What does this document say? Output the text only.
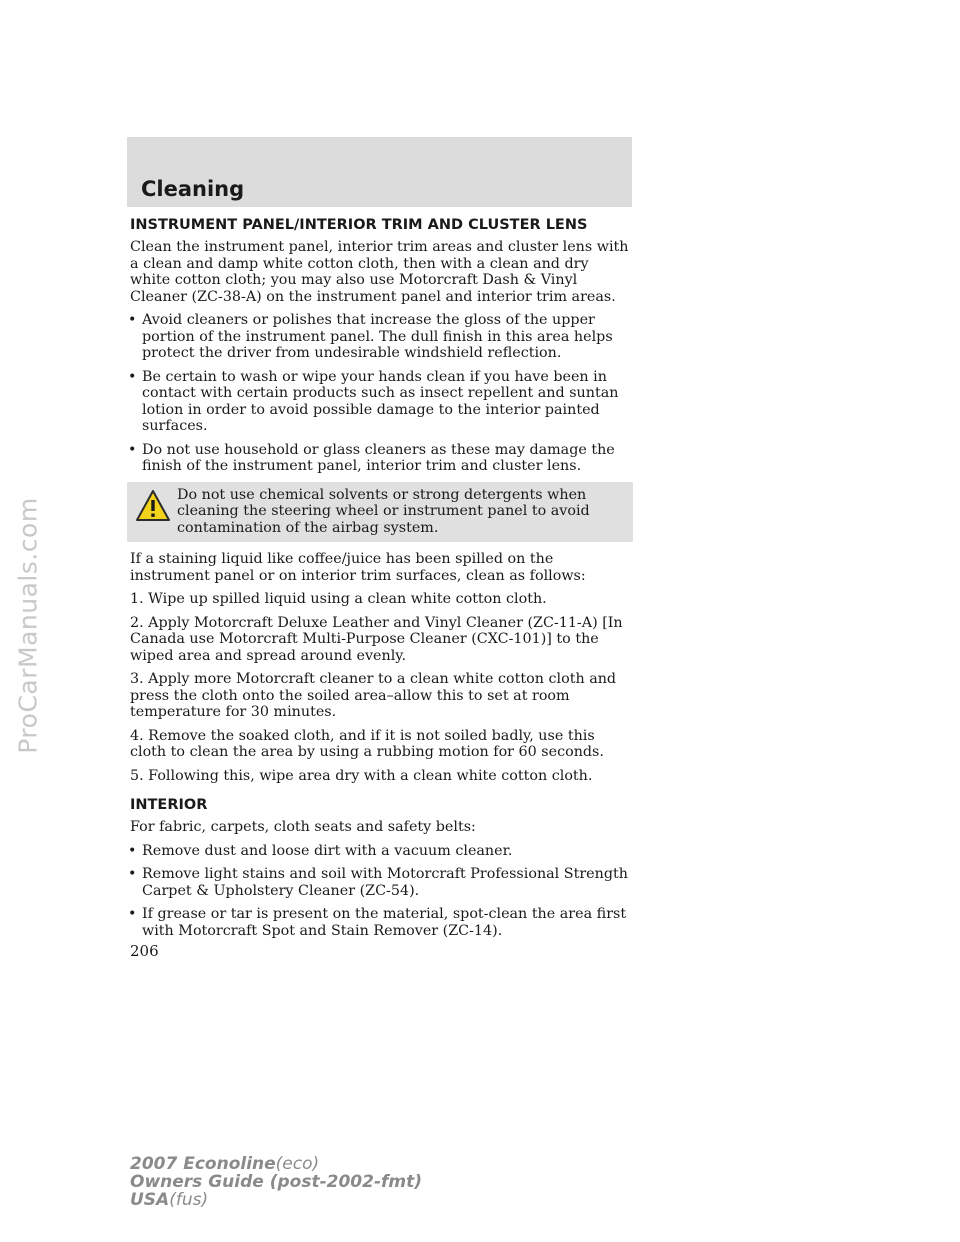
ProCarManuals.com
Cleaning
INSTRUMENT PANEL/INTERIOR TRIM AND CLUSTER LENS

Clean the instrument panel, interior trim areas and cluster lens with a clean and damp white cotton cloth, then with a clean and dry white cotton cloth; you may also use Motorcraft Dash & Vinyl Cleaner (ZC-38-A) on the instrument panel and interior trim areas.

• Avoid cleaners or polishes that increase the gloss of the upper portion of the instrument panel. The dull finish in this area helps protect the driver from undesirable windshield reflection.
• Be certain to wash or wipe your hands clean if you have been in contact with certain products such as insect repellent and suntan lotion in order to avoid possible damage to the interior painted surfaces.
• Do not use household or glass cleaners as these may damage the finish of the instrument panel, interior trim and cluster lens.
Do not use chemical solvents or strong detergents when cleaning the steering wheel or instrument panel to avoid contamination of the airbag system.

If a staining liquid like coffee/juice has been spilled on the instrument panel or on interior trim surfaces, clean as follows:

1. Wipe up spilled liquid using a clean white cotton cloth.

2. Apply Motorcraft Deluxe Leather and Vinyl Cleaner (ZC-11-A) [In Canada use Motorcraft Multi-Purpose Cleaner (CXC-101)] to the wiped area and spread around evenly.

3. Apply more Motorcraft cleaner to a clean white cotton cloth and press the cloth onto the soiled area–allow this to set at room temperature for 30 minutes.

4. Remove the soaked cloth, and if it is not soiled badly, use this cloth to clean the area by using a rubbing motion for 60 seconds.

5. Following this, wipe area dry with a clean white cotton cloth.

INTERIOR

For fabric, carpets, cloth seats and safety belts:

• Remove dust and loose dirt with a vacuum cleaner.
• Remove light stains and soil with Motorcraft Professional Strength Carpet & Upholstery Cleaner (ZC-54).
• If grease or tar is present on the material, spot-clean the area first with Motorcraft Spot and Stain Remover (ZC-14).
206
2007 Econoline(eco)
Owners Guide (post-2002-fmt)
USA(fus)
